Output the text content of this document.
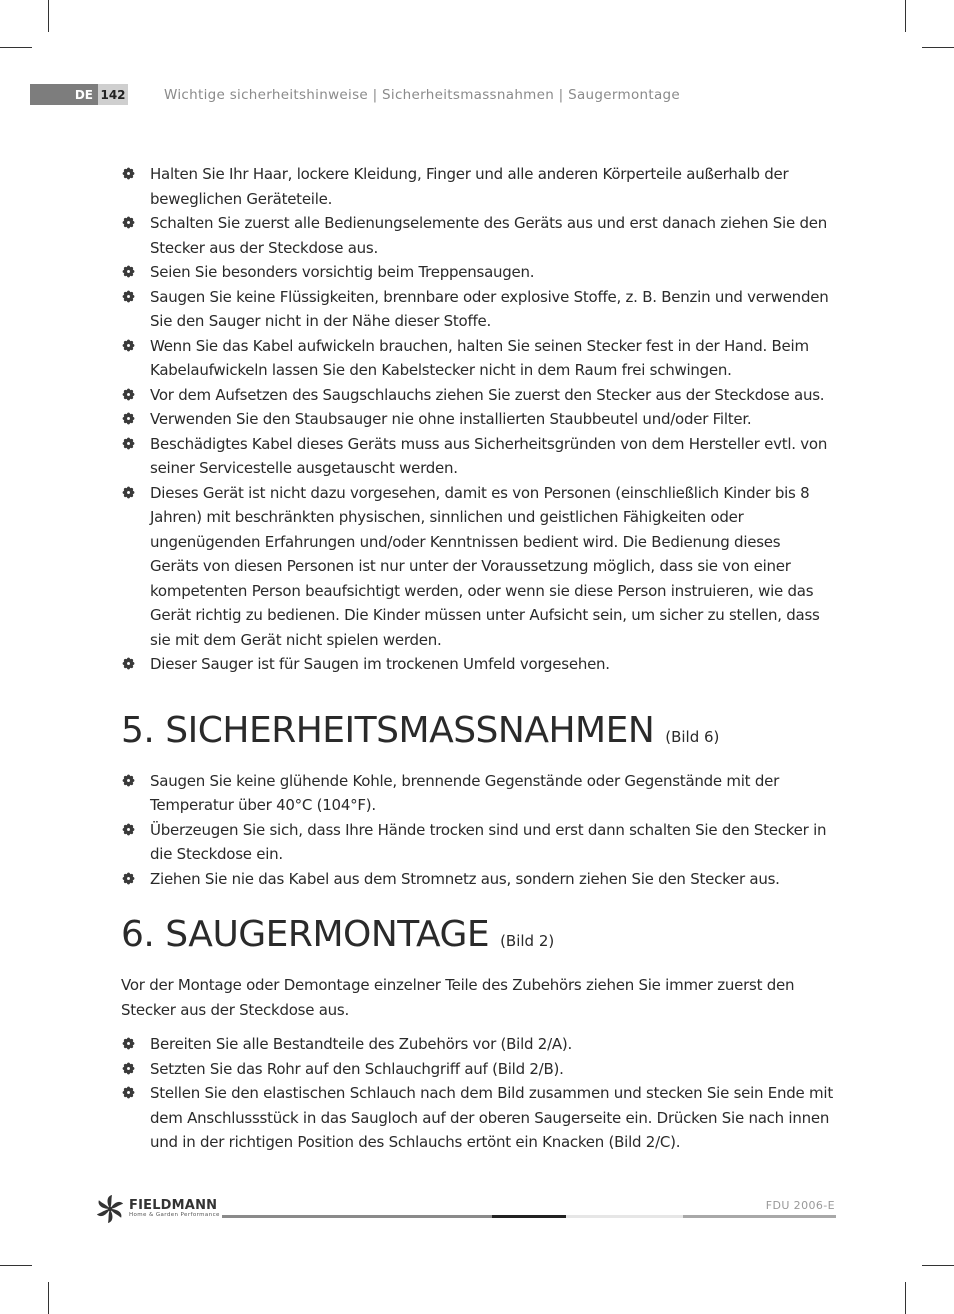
DE 142	Wichtige sicherheitshinweise | Sicherheitsmassnahmen | Saugermontage
Halten Sie Ihr Haar, lockere Kleidung, Finger und alle anderen Körperteile außerhalb der beweglichen Geräteteile.
Schalten Sie zuerst alle Bedienungselemente des Geräts aus und erst danach ziehen Sie den Stecker aus der Steckdose aus.
Seien Sie besonders vorsichtig beim Treppensaugen.
Saugen Sie keine Flüssigkeiten, brennbare oder explosive Stoffe, z. B. Benzin und verwenden Sie den Sauger nicht in der Nähe dieser Stoffe.
Wenn Sie das Kabel aufwickeln brauchen, halten Sie seinen Stecker fest in der Hand. Beim Kabelaufwickeln lassen Sie den Kabelstecker nicht in dem Raum frei schwingen.
Vor dem Aufsetzen des Saugschlauchs ziehen Sie zuerst den Stecker aus der Steckdose aus.
Verwenden Sie den Staubsauger nie ohne installierten Staubbeutel und/oder Filter.
Beschädigtes Kabel dieses Geräts muss aus Sicherheitsgründen von dem Hersteller evtl. von seiner Servicestelle ausgetauscht werden.
Dieses Gerät ist nicht dazu vorgesehen, damit es von Personen (einschließlich Kinder bis 8 Jahren) mit beschränkten physischen, sinnlichen und geistlichen Fähigkeiten oder ungenügenden Erfahrungen und/oder Kenntnissen bedient wird. Die Bedienung dieses Geräts von diesen Personen ist nur unter der Voraussetzung möglich, dass sie von einer kompetenten Person beaufsichtigt werden, oder wenn sie diese Person instruieren, wie das Gerät richtig zu bedienen. Die Kinder müssen unter Aufsicht sein, um sicher zu stellen, dass sie mit dem Gerät nicht spielen werden.
Dieser Sauger ist für Saugen im trockenen Umfeld vorgesehen.
5. SICHERHEITSMASSNAHMEN (Bild 6)
Saugen Sie keine glühende Kohle, brennende Gegenstände oder Gegenstände mit der Temperatur über 40°C (104°F).
Überzeugen Sie sich, dass Ihre Hände trocken sind und erst dann schalten Sie den Stecker in die Steckdose ein.
Ziehen Sie nie das Kabel aus dem Stromnetz aus, sondern ziehen Sie den Stecker aus.
6. SAUGERMONTAGE (Bild 2)

Vor der Montage oder Demontage einzelner Teile des Zubehörs ziehen Sie immer zuerst den Stecker aus der Steckdose aus.

Bereiten Sie alle Bestandteile des Zubehörs vor (Bild 2/A).
Setzten Sie das Rohr auf den Schlauchgriff auf (Bild 2/B).
Stellen Sie den elastischen Schlauch nach dem Bild zusammen und stecken Sie sein Ende mit dem Anschlussstück in das Saugloch auf der oberen Saugerseite ein. Drücken Sie nach innen und in der richtigen Position des Schlauchs ertönt ein Knacken (Bild 2/C).
FIELDMANN
Home & Garden Performance
FDU 2006-E
